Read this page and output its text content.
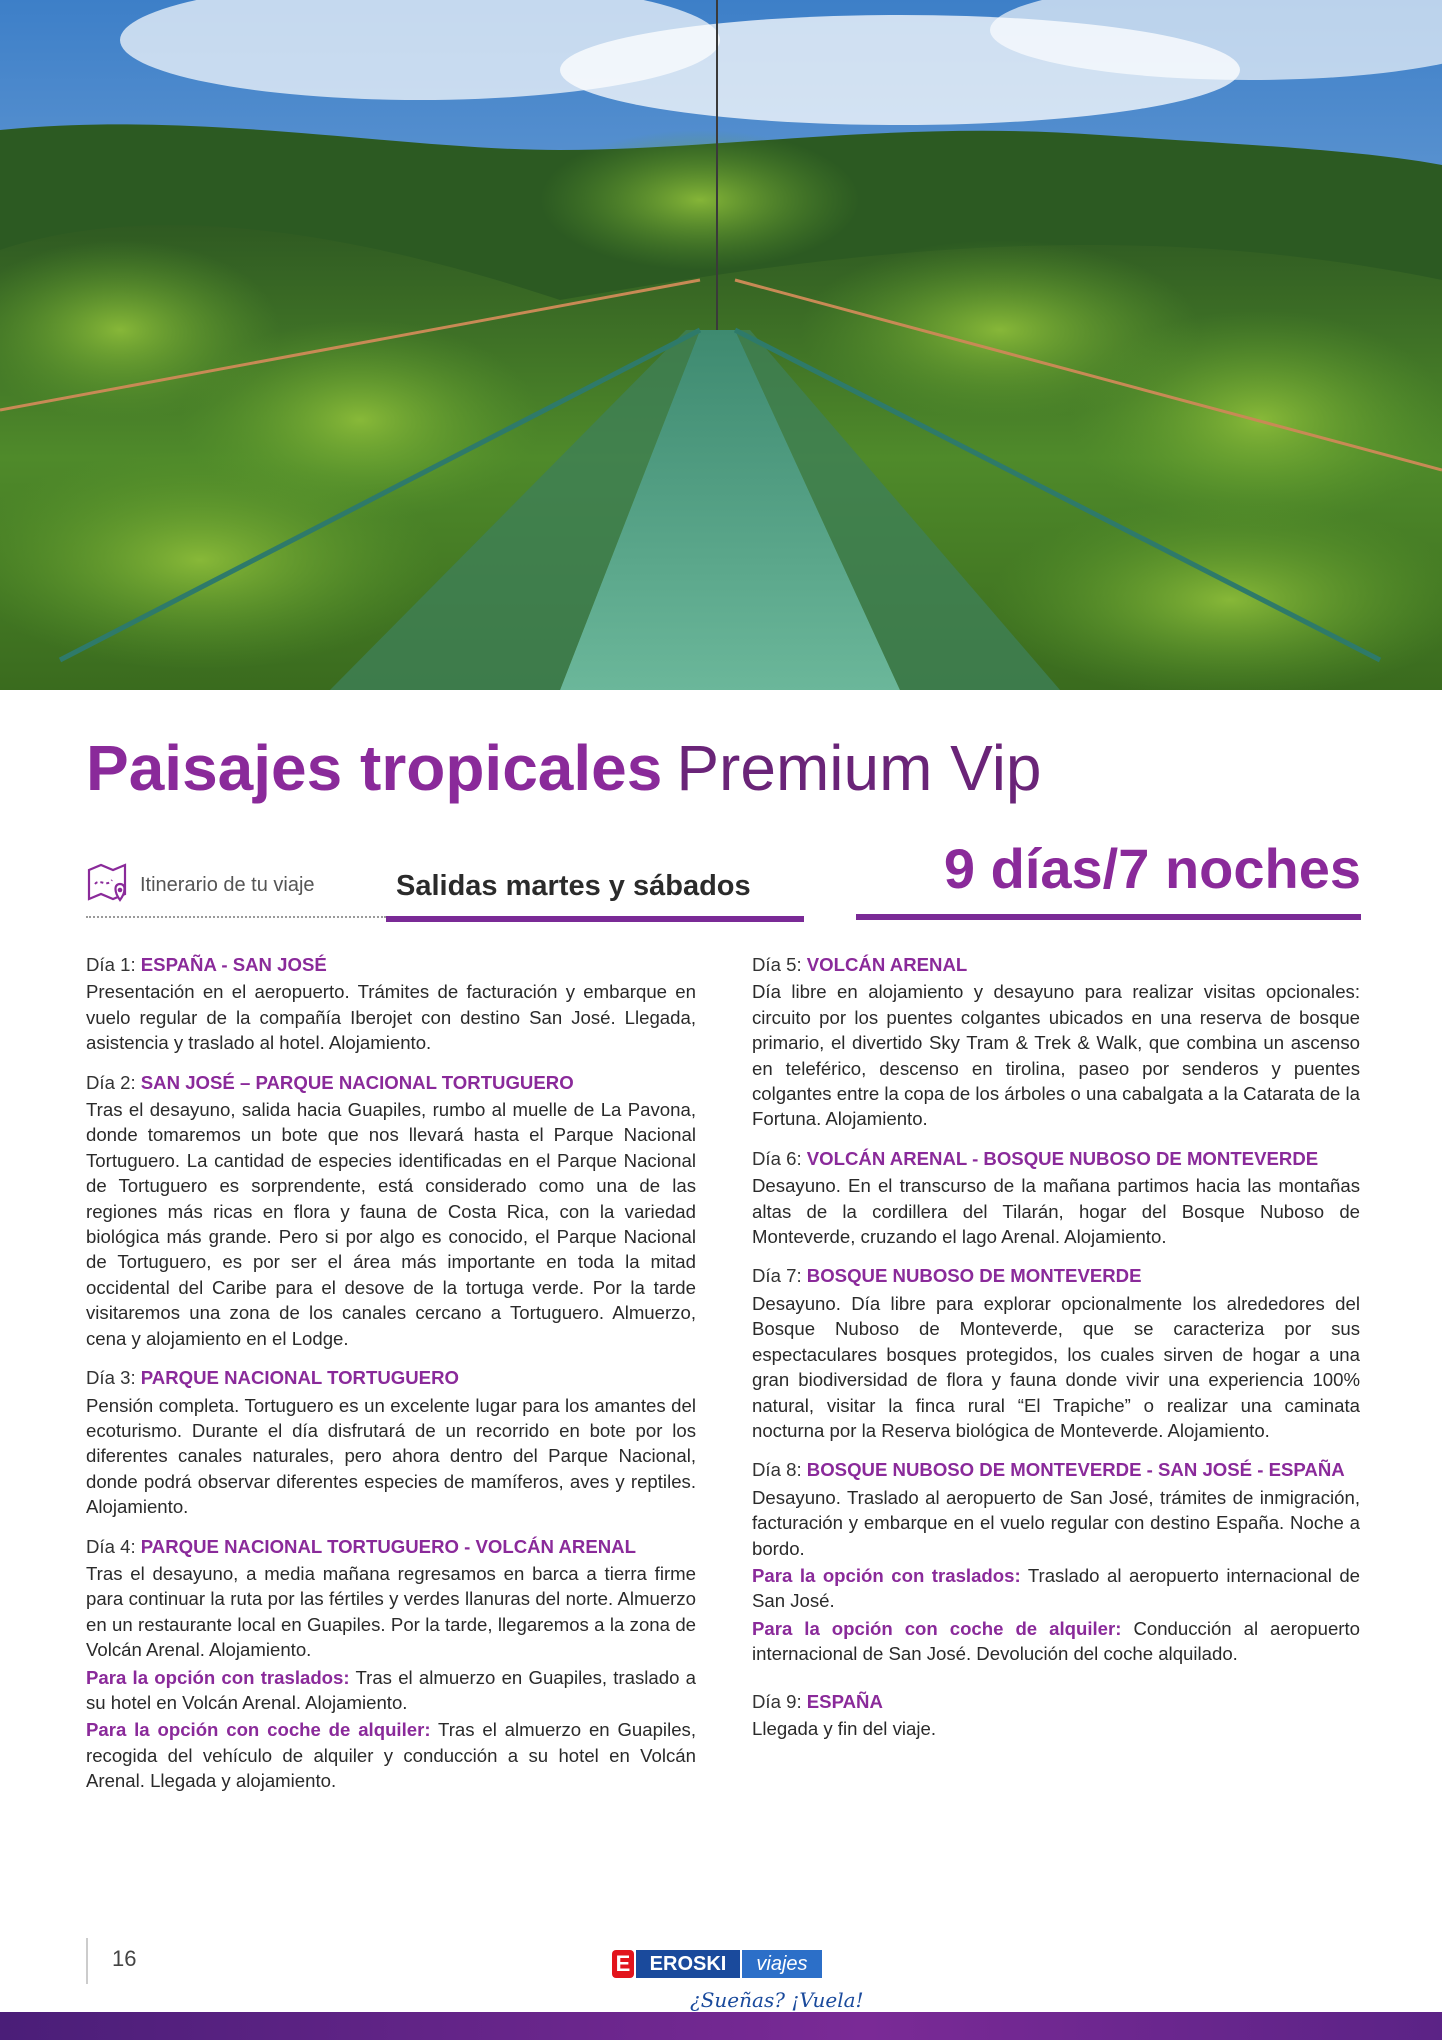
Paisajes tropicales Premium Vip
Itinerario de tu viaje	Salidas martes y sábados	9 días/7 noches
Día 1: ESPAÑA - SAN JOSÉ

Presentación en el aeropuerto. Trámites de facturación y embarque en vuelo regular de la compañía Iberojet con destino San José. Llegada, asistencia y traslado al hotel. Alojamiento.

Día 2: SAN JOSÉ – PARQUE NACIONAL TORTUGUERO

Tras el desayuno, salida hacia Guapiles, rumbo al muelle de La Pavona, donde tomaremos un bote que nos llevará hasta el Parque Nacional Tortuguero. La cantidad de especies identificadas en el Parque Nacional de Tortuguero es sorprendente, está considerado como una de las regiones más ricas en flora y fauna de Costa Rica, con la variedad biológica más grande. Pero si por algo es conocido, el Parque Nacional de Tortuguero, es por ser el área más importante en toda la mitad occidental del Caribe para el desove de la tortuga verde. Por la tarde visitaremos una zona de los canales cercano a Tortuguero. Almuerzo, cena y alojamiento en el Lodge.

Día 3: PARQUE NACIONAL TORTUGUERO

Pensión completa. Tortuguero es un excelente lugar para los amantes del ecoturismo. Durante el día disfrutará de un recorrido en bote por los diferentes canales naturales, pero ahora dentro del Parque Nacional, donde podrá observar diferentes especies de mamíferos, aves y reptiles. Alojamiento.

Día 4: PARQUE NACIONAL TORTUGUERO - VOLCÁN ARENAL

Tras el desayuno, a media mañana regresamos en barca a tierra firme para continuar la ruta por las fértiles y verdes llanuras del norte. Almuerzo en un restaurante local en Guapiles. Por la tarde, llegaremos a la zona de Volcán Arenal. Alojamiento.

Para la opción con traslados: Tras el almuerzo en Guapiles, traslado a su hotel en Volcán Arenal. Alojamiento.

Para la opción con coche de alquiler: Tras el almuerzo en Guapiles, recogida del vehículo de alquiler y conducción a su hotel en Volcán Arenal. Llegada y alojamiento.

Día 5: VOLCÁN ARENAL

Día libre en alojamiento y desayuno para realizar visitas opcionales: circuito por los puentes colgantes ubicados en una reserva de bosque primario, el divertido Sky Tram & Trek & Walk, que combina un ascenso en teleférico, descenso en tirolina, paseo por senderos y puentes colgantes entre la copa de los árboles o una cabalgata a la Catarata de la Fortuna. Alojamiento.

Día 6: VOLCÁN ARENAL - BOSQUE NUBOSO DE MONTEVERDE

Desayuno. En el transcurso de la mañana partimos hacia las montañas altas de la cordillera del Tilarán, hogar del Bosque Nuboso de Monteverde, cruzando el lago Arenal. Alojamiento.

Día 7: BOSQUE NUBOSO DE MONTEVERDE

Desayuno. Día libre para explorar opcionalmente los alrededores del Bosque Nuboso de Monteverde, que se caracteriza por sus espectaculares bosques protegidos, los cuales sirven de hogar a una gran biodiversidad de flora y fauna donde vivir una experiencia 100% natural, visitar la finca rural “El Trapiche” o realizar una caminata nocturna por la Reserva biológica de Monteverde. Alojamiento.

Día 8: BOSQUE NUBOSO DE MONTEVERDE - SAN JOSÉ - ESPAÑA

Desayuno. Traslado al aeropuerto de San José, trámites de inmigración, facturación y embarque en el vuelo regular con destino España. Noche a bordo.

Para la opción con traslados: Traslado al aeropuerto internacional de San José.

Para la opción con coche de alquiler: Conducción al aeropuerto internacional de San José. Devolución del coche alquilado.

Día 9: ESPAÑA

Llegada y fin del viaje.

16	E EROSKI	viajes
¿Sueñas? ¡Vuela!
